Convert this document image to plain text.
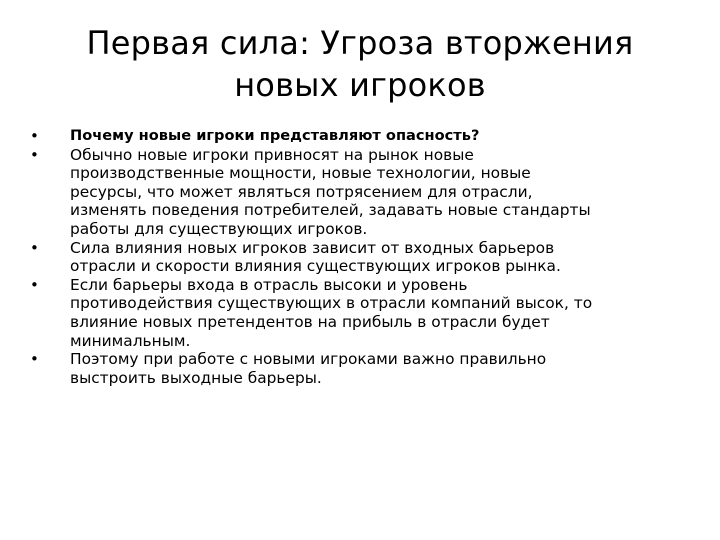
Первая сила: Угроза вторжения
новых игроков
• Почему новые игроки представляют опасность?
• Обычно новые игроки привносят на рынок новые
производственные мощности, новые технологии, новые
ресурсы, что может являться потрясением для отрасли,
изменять поведения потребителей, задавать новые стандарты
работы для существующих игроков.
• Сила влияния новых игроков зависит от входных барьеров
отрасли и скорости влияния существующих игроков рынка.
• Если барьеры входа в отрасль высоки и уровень
противодействия существующих в отрасли компаний высок, то
влияние новых претендентов на прибыль в отрасли будет
минимальным.
• Поэтому при работе с новыми игроками важно правильно
выстроить выходные барьеры.
